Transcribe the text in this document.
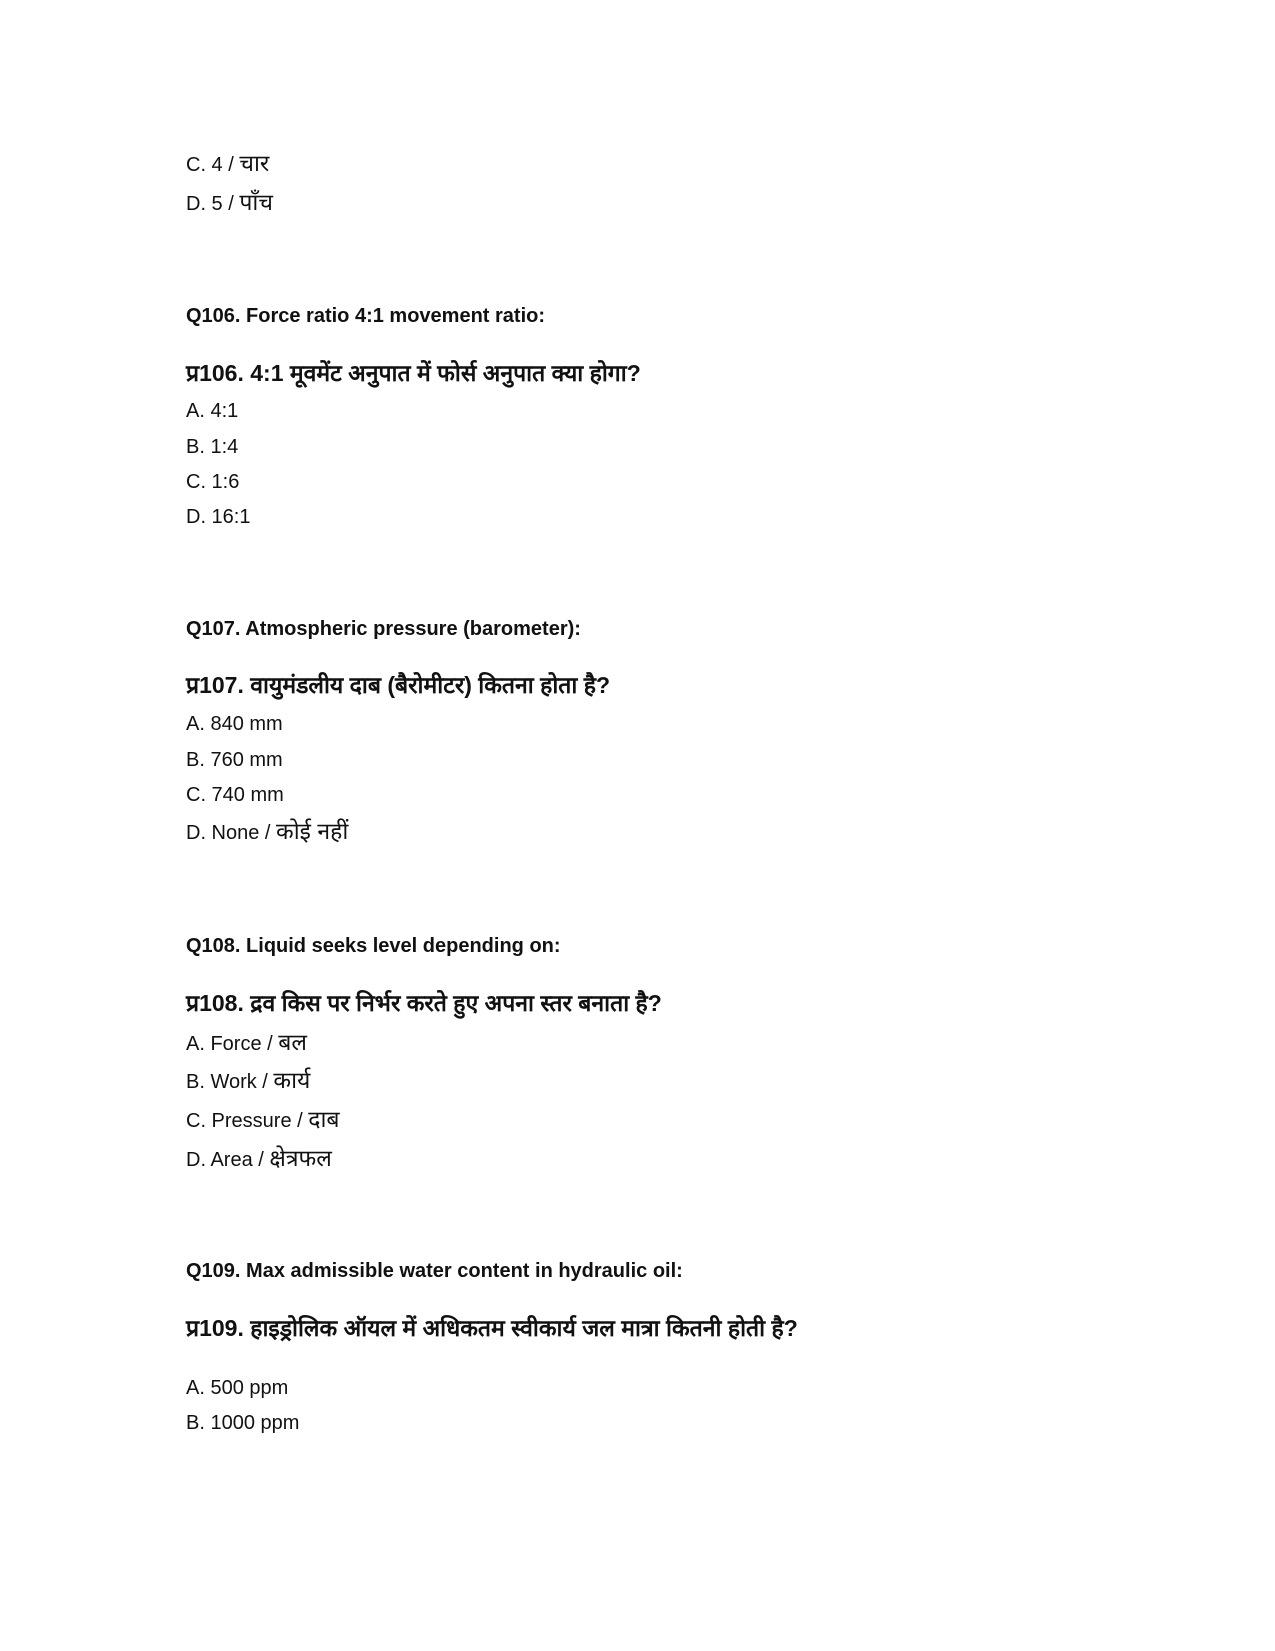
C. 4 / चार
D. 5 / पाँच
Q106. Force ratio 4:1 movement ratio:
प्र106. 4:1 मूवमेंट अनुपात में फोर्स अनुपात क्या होगा?
A. 4:1
B. 1:4
C. 1:6
D. 16:1
Q107. Atmospheric pressure (barometer):
प्र107. वायुमंडलीय दाब (बैरोमीटर) कितना होता है?
A. 840 mm
B. 760 mm
C. 740 mm
D. None / कोई नहीं
Q108. Liquid seeks level depending on:
प्र108. द्रव किस पर निर्भर करते हुए अपना स्तर बनाता है?
A. Force / बल
B. Work / कार्य
C. Pressure / दाब
D. Area / क्षेत्रफल
Q109. Max admissible water content in hydraulic oil:
प्र109. हाइड्रोलिक ऑयल में अधिकतम स्वीकार्य जल मात्रा कितनी होती है?
A. 500 ppm
B. 1000 ppm
